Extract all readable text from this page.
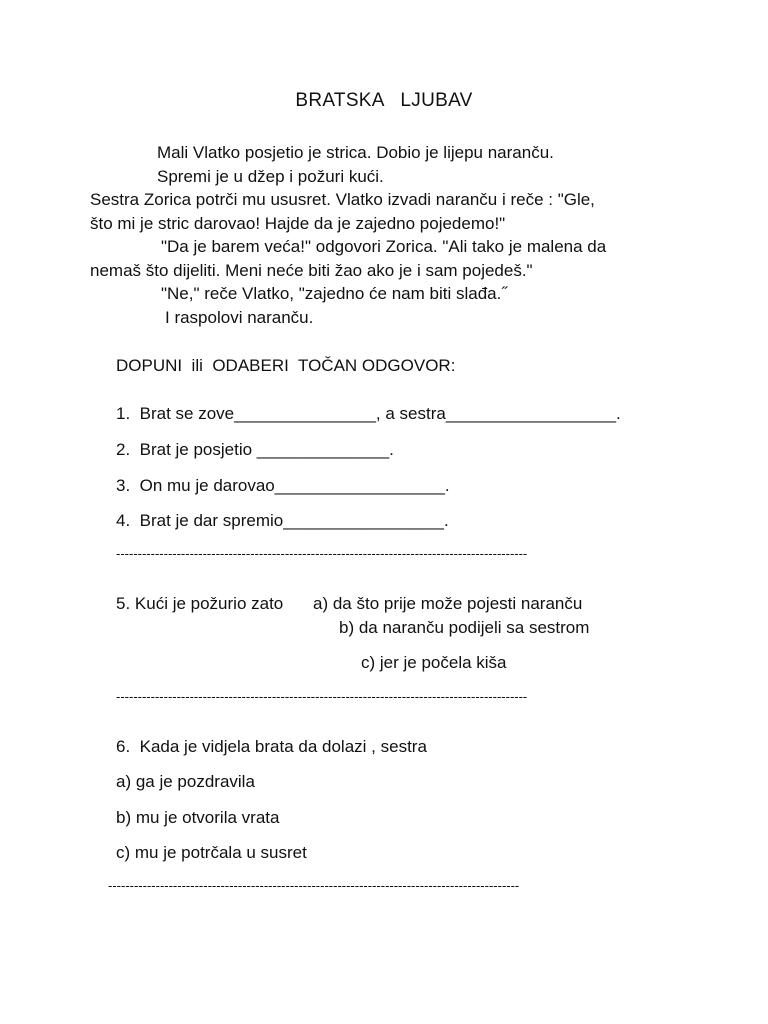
BRATSKA   LJUBAV
Mali Vlatko posjetio je strica. Dobio je lijepu naranču.
Spremi je u džep i požuri kući.
Sestra Zorica potrči mu ususret. Vlatko izvadi naranču i reče : "Gle,
što mi je stric darovao! Hajde da je zajedno pojedemo!"
"Da je barem veća!" odgovori Zorica. "Ali tako je malena da
nemaš što dijeliti. Meni neće biti žao ako je i sam pojedeš."
"Ne," reče Vlatko, "zajedno će nam biti slađa.˝
I raspolovi naranču.
DOPUNI  ili  ODABERI  TOČAN ODGOVOR:
1.  Brat se zove_______________, a sestra__________________.
2.  Brat je posjetio ______________.
3.  On mu je darovao__________________.
4.  Brat je dar spremio_________________.
-----------------------------------------------------------------------------------------------
5. Kući je požurio zato a) da što prije može pojesti naranču
b) da naranču podijeli sa sestrom
c) jer je počela kiša
-----------------------------------------------------------------------------------------------
6.  Kada je vidjela brata da dolazi , sestra
a) ga je pozdravila
b) mu je otvorila vrata
c) mu je potrčala u susret
-----------------------------------------------------------------------------------------------
